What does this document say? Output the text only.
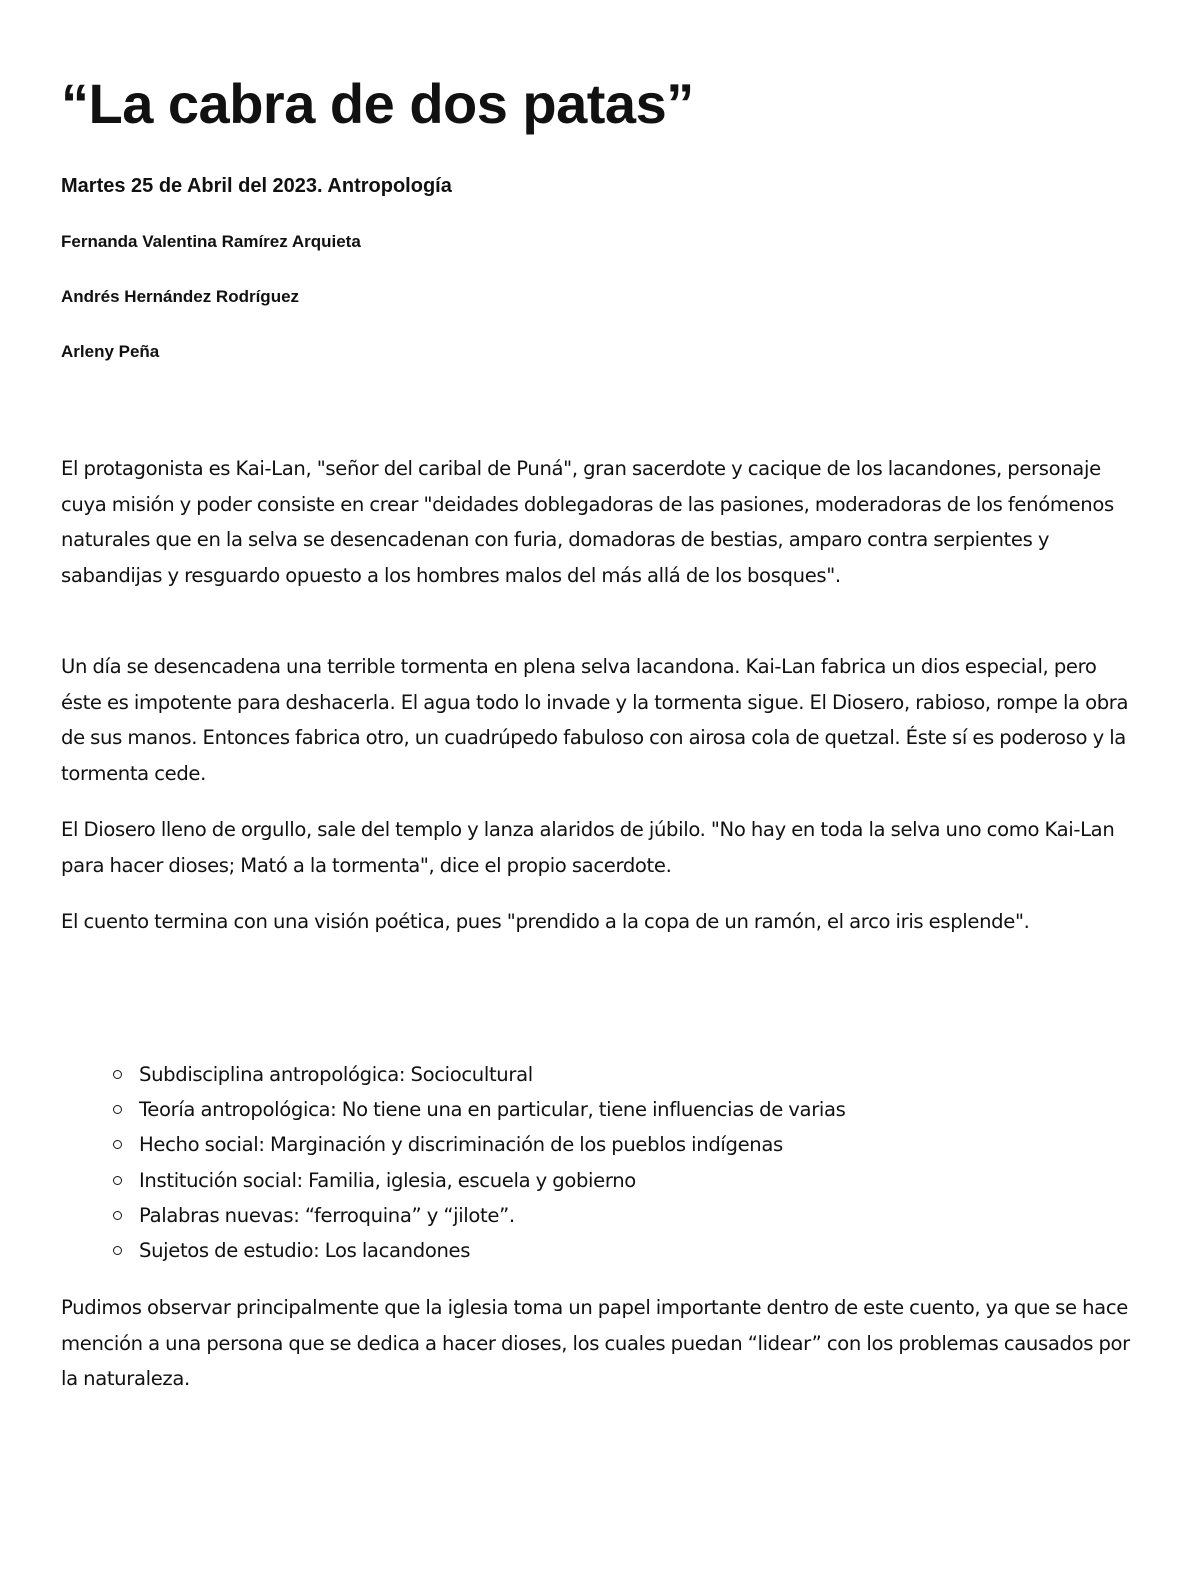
“La cabra de dos patas”

Martes 25 de Abril del 2023. Antropología

Fernanda Valentina Ramírez Arquieta

Andrés Hernández Rodríguez

Arleny Peña

El protagonista es Kai-Lan, "señor del caribal de Puná", gran sacerdote y cacique de los lacandones, personaje cuya misión y poder consiste en crear "deidades doblegadoras de las pasiones, moderadoras de los fenómenos naturales que en la selva se desencadenan con furia, domadoras de bestias, amparo contra serpientes y sabandijas y resguardo opuesto a los hombres malos del más allá de los bosques".

Un día se desencadena una terrible tormenta en plena selva lacandona. Kai-Lan fabrica un dios especial, pero éste es impotente para deshacerla. El agua todo lo invade y la tormenta sigue. El Diosero, rabioso, rompe la obra de sus manos. Entonces fabrica otro, un cuadrúpedo fabuloso con airosa cola de quetzal. Éste sí es poderoso y la tormenta cede.

El Diosero lleno de orgullo, sale del templo y lanza alaridos de júbilo. "No hay en toda la selva uno como Kai-Lan para hacer dioses; Mató a la tormenta", dice el propio sacerdote.

El cuento termina con una visión poética, pues "prendido a la copa de un ramón, el arco iris esplende".

Subdisciplina antropológica: Sociocultural
Teoría antropológica: No tiene una en particular, tiene influencias de varias
Hecho social: Marginación y discriminación de los pueblos indígenas
Institución social: Familia, iglesia, escuela y gobierno
Palabras nuevas: “ferroquina” y “jilote”.
Sujetos de estudio: Los lacandones

Pudimos observar principalmente que la iglesia toma un papel importante dentro de este cuento, ya que se hace mención a una persona que se dedica a hacer dioses, los cuales puedan “lidear” con los problemas causados por la naturaleza.
